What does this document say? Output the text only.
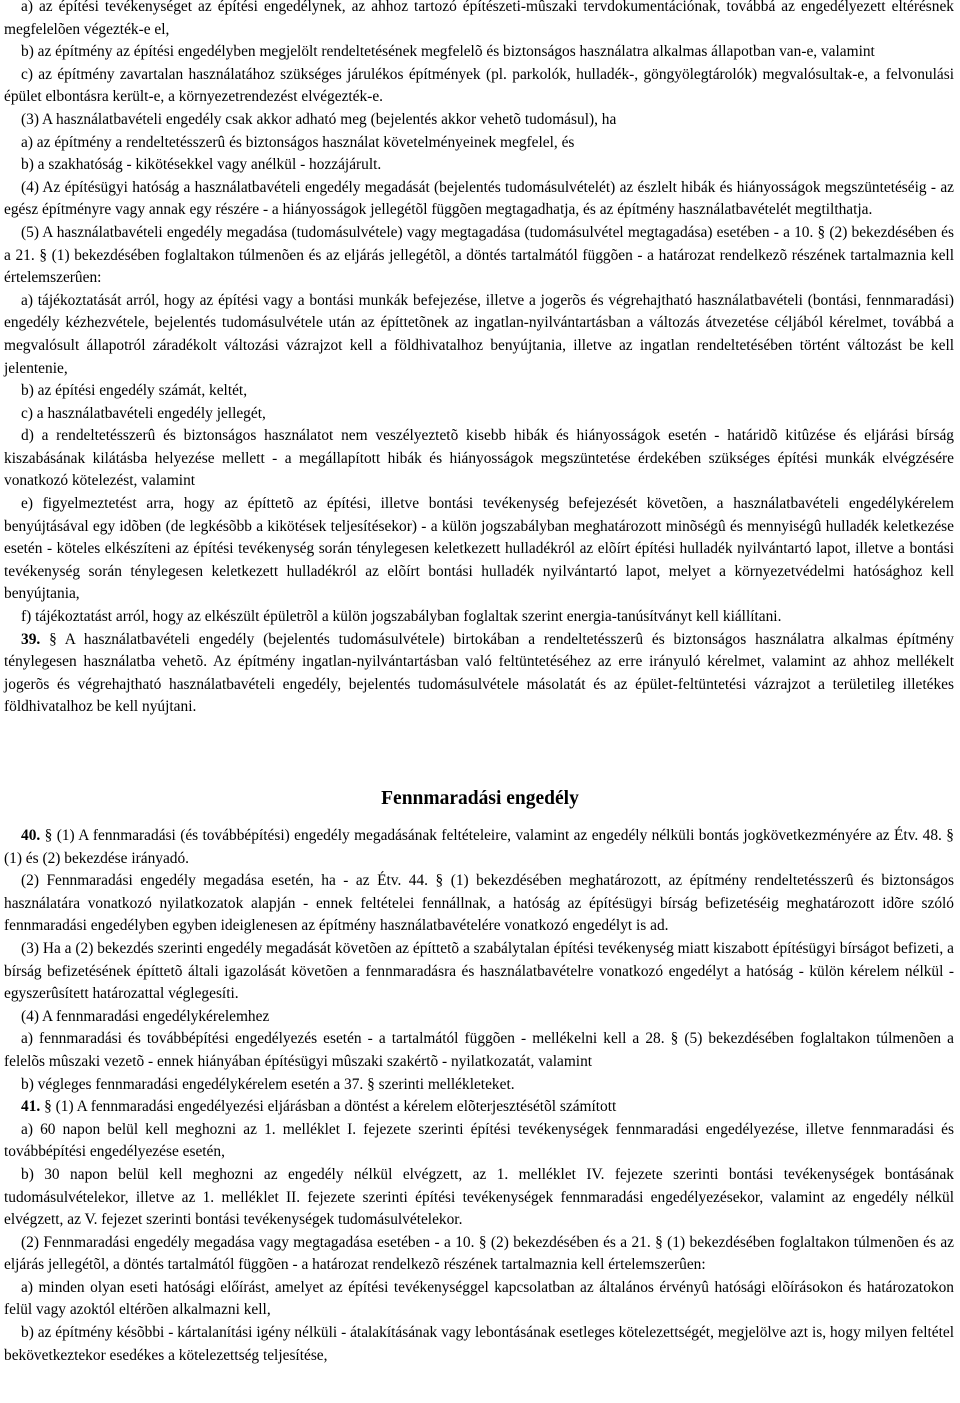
a) az építési tevékenységet az építési engedélynek, az ahhoz tartozó építészeti-mûszaki tervdokumentációnak, továbbá az engedélyezett eltérésnek megfelelõen végezték-e el,

b) az építmény az építési engedélyben megjelölt rendeltetésének megfelelõ és biztonságos használatra alkalmas állapotban van-e, valamint

c) az építmény zavartalan használatához szükséges járulékos építmények (pl. parkolók, hulladék-, göngyölegtárolók) megvalósultak-e, a felvonulási épület elbontásra került-e, a környezetrendezést elvégezték-e.

(3) A használatbavételi engedély csak akkor adható meg (bejelentés akkor vehetõ tudomásul), ha

a) az építmény a rendeltetésszerû és biztonságos használat követelményeinek megfelel, és

b) a szakhatóság - kikötésekkel vagy anélkül - hozzájárult.

(4) Az építésügyi hatóság a használatbavételi engedély megadását (bejelentés tudomásulvételét) az észlelt hibák és hiányosságok megszüntetéséig - az egész építményre vagy annak egy részére - a hiányosságok jellegétõl függõen megtagadhatja, és az építmény használatbavételét megtilthatja.

(5) A használatbavételi engedély megadása (tudomásulvétele) vagy megtagadása (tudomásulvétel megtagadása) esetében - a 10. § (2) bekezdésében és a 21. § (1) bekezdésében foglaltakon túlmenõen és az eljárás jellegétõl, a döntés tartalmától függõen - a határozat rendelkezõ részének tartalmaznia kell értelemszerûen:

a) tájékoztatását arról, hogy az építési vagy a bontási munkák befejezése, illetve a jogerõs és végrehajtható használatbavételi (bontási, fennmaradási) engedély kézhezvétele, bejelentés tudomásulvétele után az építtetõnek az ingatlan-nyilvántartásban a változás átvezetése céljából kérelmet, továbbá a megvalósult állapotról záradékolt változási vázrajzot kell a földhivatalhoz benyújtania, illetve az ingatlan rendeltetésében történt változást be kell jelentenie,

b) az építési engedély számát, keltét,

c) a használatbavételi engedély jellegét,

d) a rendeltetésszerû és biztonságos használatot nem veszélyeztetõ kisebb hibák és hiányosságok esetén - határidõ kitûzése és eljárási bírság kiszabásának kilátásba helyezése mellett - a megállapított hibák és hiányosságok megszüntetése érdekében szükséges építési munkák elvégzésére vonatkozó kötelezést, valamint

e) figyelmeztetést arra, hogy az építtetõ az építési, illetve bontási tevékenység befejezését követõen, a használatbavételi engedélykérelem benyújtásával egy idõben (de legkésõbb a kikötések teljesítésekor) - a külön jogszabályban meghatározott minõségû és mennyiségû hulladék keletkezése esetén - köteles elkészíteni az építési tevékenység során ténylegesen keletkezett hulladékról az elõírt építési hulladék nyilvántartó lapot, illetve a bontási tevékenység során ténylegesen keletkezett hulladékról az elõírt bontási hulladék nyilvántartó lapot, melyet a környezetvédelmi hatósághoz kell benyújtania,

f) tájékoztatást arról, hogy az elkészült épületrõl a külön jogszabályban foglaltak szerint energia-tanúsítványt kell kiállítani.

39. § A használatbavételi engedély (bejelentés tudomásulvétele) birtokában a rendeltetésszerû és biztonságos használatra alkalmas építmény ténylegesen használatba vehetõ. Az építmény ingatlan-nyilvántartásban való feltüntetéséhez az erre irányuló kérelmet, valamint az ahhoz mellékelt jogerõs és végrehajtható használatbavételi engedély, bejelentés tudomásulvétele másolatát és az épület-feltüntetési vázrajzot a területileg illetékes földhivatalhoz be kell nyújtani.

Fennmaradási engedély

40. § (1) A fennmaradási (és továbbépítési) engedély megadásának feltételeire, valamint az engedély nélküli bontás jogkövetkezményére az Étv. 48. § (1) és (2) bekezdése irányadó.

(2) Fennmaradási engedély megadása esetén, ha - az Étv. 44. § (1) bekezdésében meghatározott, az építmény rendeltetésszerû és biztonságos használatára vonatkozó nyilatkozatok alapján - ennek feltételei fennállnak, a hatóság az építésügyi bírság befizetéséig meghatározott idõre szóló fennmaradási engedélyben egyben ideiglenesen az építmény használatbavételére vonatkozó engedélyt is ad.

(3) Ha a (2) bekezdés szerinti engedély megadását követõen az építtetõ a szabálytalan építési tevékenység miatt kiszabott építésügyi bírságot befizeti, a bírság befizetésének építtetõ általi igazolását követõen a fennmaradásra és használatbavételre vonatkozó engedélyt a hatóság - külön kérelem nélkül - egyszerûsített határozattal véglegesíti.

(4) A fennmaradási engedélykérelemhez

a) fennmaradási és továbbépítési engedélyezés esetén - a tartalmától függõen - mellékelni kell a 28. § (5) bekezdésében foglaltakon túlmenõen a felelõs mûszaki vezetõ - ennek hiányában építésügyi mûszaki szakértõ - nyilatkozatát, valamint

b) végleges fennmaradási engedélykérelem esetén a 37. § szerinti mellékleteket.

41. § (1) A fennmaradási engedélyezési eljárásban a döntést a kérelem elõterjesztésétõl számított

a) 60 napon belül kell meghozni az 1. melléklet I. fejezete szerinti építési tevékenységek fennmaradási engedélyezése, illetve fennmaradási és továbbépítési engedélyezése esetén,

b) 30 napon belül kell meghozni az engedély nélkül elvégzett, az 1. melléklet IV. fejezete szerinti bontási tevékenységek bontásának tudomásulvételekor, illetve az 1. melléklet II. fejezete szerinti építési tevékenységek fennmaradási engedélyezésekor, valamint az engedély nélkül elvégzett, az V. fejezet szerinti bontási tevékenységek tudomásulvételekor.

(2) Fennmaradási engedély megadása vagy megtagadása esetében - a 10. § (2) bekezdésében és a 21. § (1) bekezdésében foglaltakon túlmenõen és az eljárás jellegétõl, a döntés tartalmától függõen - a határozat rendelkezõ részének tartalmaznia kell értelemszerûen:

a) minden olyan eseti hatósági előírást, amelyet az építési tevékenységgel kapcsolatban az általános érvényû hatósági elõírásokon és határozatokon felül vagy azoktól eltérõen alkalmazni kell,

b) az építmény késõbbi - kártalanítási igény nélküli - átalakításának vagy lebontásának esetleges kötelezettségét, megjelölve azt is, hogy milyen feltétel bekövetkeztekor esedékes a kötelezettség teljesítése,
